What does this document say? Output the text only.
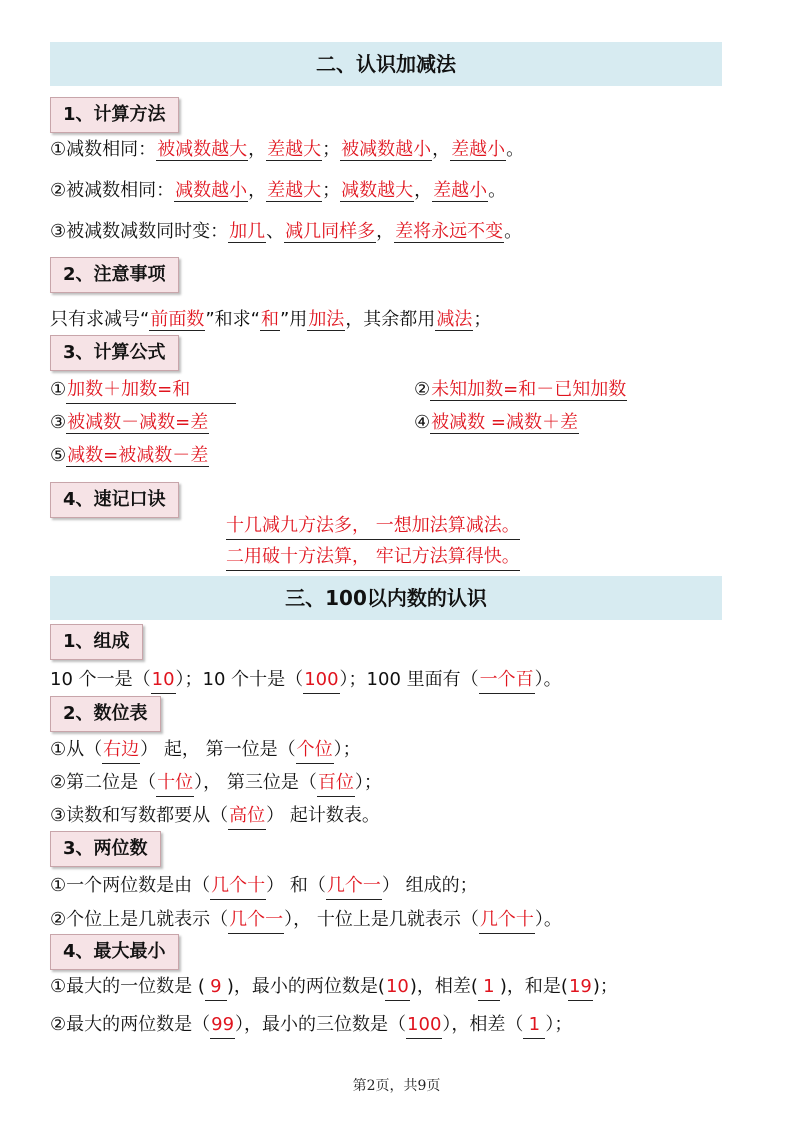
二、认识加减法
1、计算方法
①减数相同：被减数越大，差越大；被减数越小，差越小。
②被减数相同：减数越小，差越大；减数越大，差越小。
③被减数减数同时变：加几、减几同样多，差将永远不变。
2、注意事项
只有求减号“前面数”和求“和”用加法，其余都用减法；
3、计算公式
①加数＋加数=和	②未知加数=和－已知加数
③被减数－减数=差	④被减数 =减数＋差
⑤减数=被减数－差
4、速记口诀
十几减九方法多， 一想加法算减法。
二用破十方法算， 牢记方法算得快。
三、100以内数的认识
1、组成
10 个一是（10）；10 个十是（100）；100 里面有（一个百）。
2、数位表
①从（右边） 起， 第一位是（个位）；
②第二位是（十位）， 第三位是（百位）；
③读数和写数都要从（高位） 起计数表。
3、两位数
①一个两位数是由（几个十） 和（几个一） 组成的；
②个位上是几就表示（几个一）， 十位上是几就表示（几个十）。
4、最大最小
①最大的一位数是 ( 9 )，最小的两位数是(10)，相差( 1 )，和是(19)；
②最大的两位数是（99），最小的三位数是（100），相差（ 1 ）；
第2页，共9页
